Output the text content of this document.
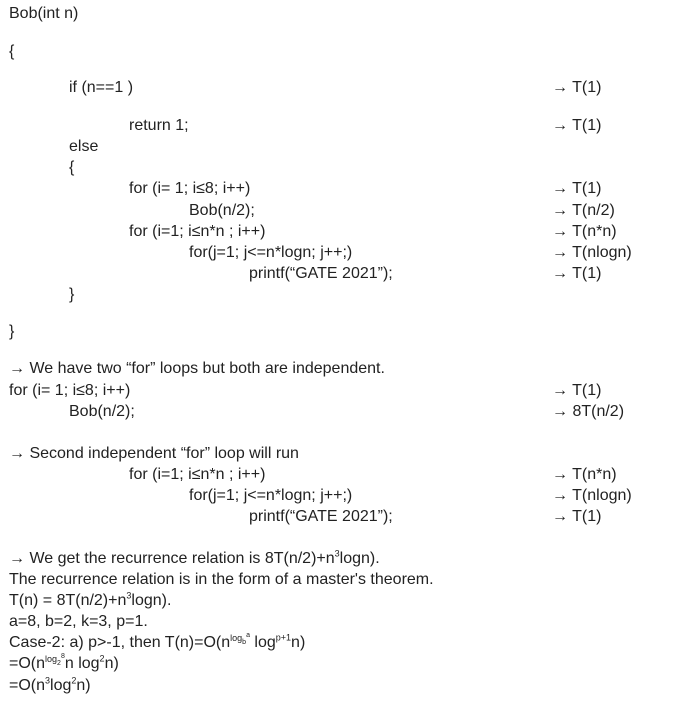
Bob(int n)
{
if (n==1 )	→ T(1)
return 1;	→ T(1)
else
{
for (i= 1; i≤8; i++)	→ T(1)
Bob(n/2);	→ T(n/2)
for (i=1; i≤n*n ; i++)	→ T(n*n)
for(j=1; j<=n*logn; j++;)	→ T(nlogn)
printf(“GATE 2021”);	→ T(1)
}
}
→ We have two “for” loops but both are independent.
for (i= 1; i≤8; i++)	→ T(1)
Bob(n/2);	→ 8T(n/2)
→ Second independent “for” loop will run
for (i=1; i≤n*n ; i++)	→ T(n*n)
for(j=1; j<=n*logn; j++;)	→ T(nlogn)
printf(“GATE 2021”);	→ T(1)
→ We get the recurrence relation is $8T(n/2)+n^3\log n$).
The recurrence relation is in the form of a master's theorem.
$T(n) = 8T(n/2)+n^3\log n$).
a=8, b=2, k=3, p=1.
Case-2: a) p>-1, then $T(n)=O(n^{log_b^a}$ $\log^{p+1}n$)
$=O(n^{log_2^8}n$ $\log^2n$)
$=O(n^3\log^2n)$
